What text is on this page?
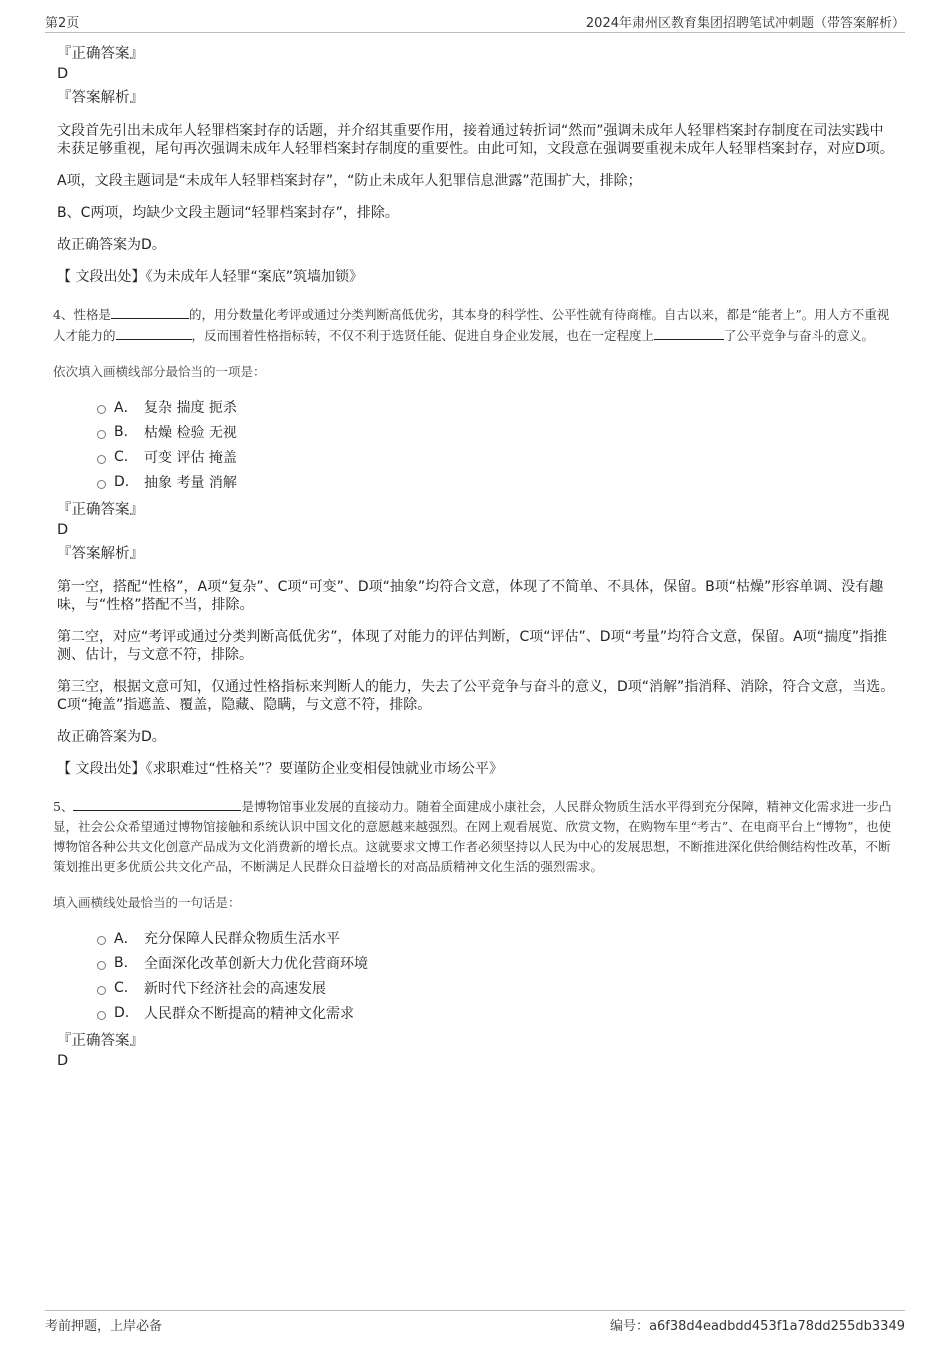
第2页	2024年肃州区教育集团招聘笔试冲刺题（带答案解析）
『正确答案』
D
『答案解析』

文段首先引出未成年人轻罪档案封存的话题，并介绍其重要作用，接着通过转折词“然而”强调未成年人轻罪档案封存制度在司法实践中未获足够重视，尾句再次强调未成年人轻罪档案封存制度的重要性。由此可知，文段意在强调要重视未成年人轻罪档案封存，对应D项。

A项，文段主题词是“未成年人轻罪档案封存”，“防止未成年人犯罪信息泄露”范围扩大，排除；

B、C两项，均缺少文段主题词“轻罪档案封存”，排除。

故正确答案为D。

【 文段出处】《为未成年人轻罪“案底”筑墙加锁》

4、性格是	的，用分数量化考评或通过分类判断高低优劣，其本身的科学性、公平性就有待商榷。自古以来，都是“能者上”。用人方不重视人才能力的	，反而围着性格指标转，不仅不利于选贤任能、促进自身企业发展，也在一定程度上	了公平竞争与奋斗的意义。

依次填入画横线部分最恰当的一项是：

A． 复杂 揣度 扼杀
B.	枯燥 检验 无视
C.	可变 评估 掩盖
D.	抽象 考量 消解
『正确答案』
D
『答案解析』

第一空，搭配“性格”，A项“复杂”、C项“可变”、D项“抽象”均符合文意，体现了不简单、不具体，保留。B项“枯燥”形容单调、没有趣味，与“性格”搭配不当，排除。

第二空，对应“考评或通过分类判断高低优劣”，体现了对能力的评估判断，C项“评估”、D项“考量”均符合文意，保留。A项“揣度”指推测、估计，与文意不符，排除。

第三空，根据文意可知，仅通过性格指标来判断人的能力，失去了公平竞争与奋斗的意义，D项“消解”指消释、消除，符合文意，当选。C项“掩盖”指遮盖、覆盖，隐藏、隐瞒，与文意不符，排除。

故正确答案为D。

【 文段出处】《求职难过“性格关”？要谨防企业变相侵蚀就业市场公平》

5、	是博物馆事业发展的直接动力。随着全面建成小康社会，人民群众物质生活水平得到充分保障，精神文化需求进一步凸显，社会公众希望通过博物馆接触和系统认识中国文化的意愿越来越强烈。在网上观看展览、欣赏文物，在购物车里“考古”、在电商平台上“博物”，也使博物馆各种公共文化创意产品成为文化消费新的增长点。这就要求文博工作者必须坚持以人民为中心的发展思想，不断推进深化供给侧结构性改革，不断策划推出更多优质公共文化产品，不断满足人民群众日益增长的对高品质精神文化生活的强烈需求。

填入画横线处最恰当的一句话是：

A． 充分保障人民群众物质生活水平
B.	全面深化改革创新大力优化营商环境
C.	新时代下经济社会的高速发展
D.	人民群众不断提高的精神文化需求
『正确答案』
D
考前押题，上岸必备	编号：a6f38d4eadbdd453f1a78dd255db3349
